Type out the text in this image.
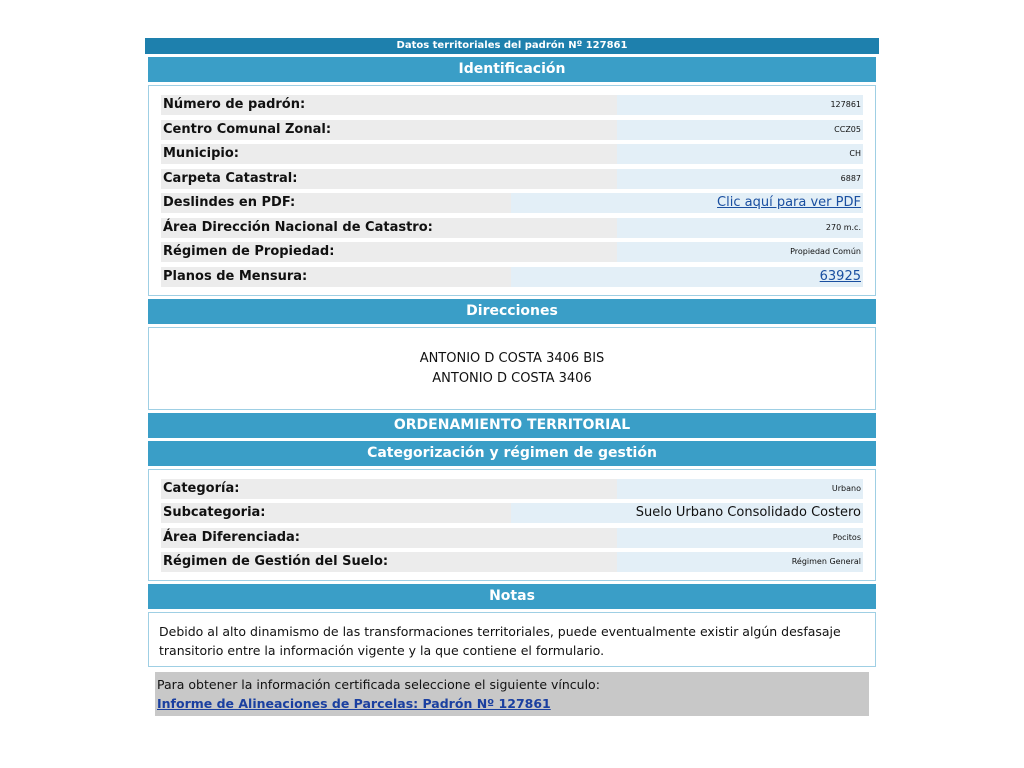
Datos territoriales del padrón Nº 127861
Identificación
Número de padrón:	127861
Centro Comunal Zonal:	CCZ05
Municipio:	CH
Carpeta Catastral:	6887
Deslindes en PDF:	Clic aquí para ver PDF
Área Dirección Nacional de Catastro:	270 m.c.
Régimen de Propiedad:	Propiedad Común
Planos de Mensura:	63925
Direcciones
ANTONIO D COSTA 3406 BIS
ANTONIO D COSTA 3406
ORDENAMIENTO TERRITORIAL
Categorización y régimen de gestión
Categoría:	Urbano
Subcategoria:	Suelo Urbano Consolidado Costero
Área Diferenciada:	Pocitos
Régimen de Gestión del Suelo:	Régimen General
Notas
Debido al alto dinamismo de las transformaciones territoriales, puede eventualmente existir algún desfasaje transitorio entre la información vigente y la que contiene el formulario.
Para obtener la información certificada seleccione el siguiente vínculo:
Informe de Alineaciones de Parcelas: Padrón Nº 127861
